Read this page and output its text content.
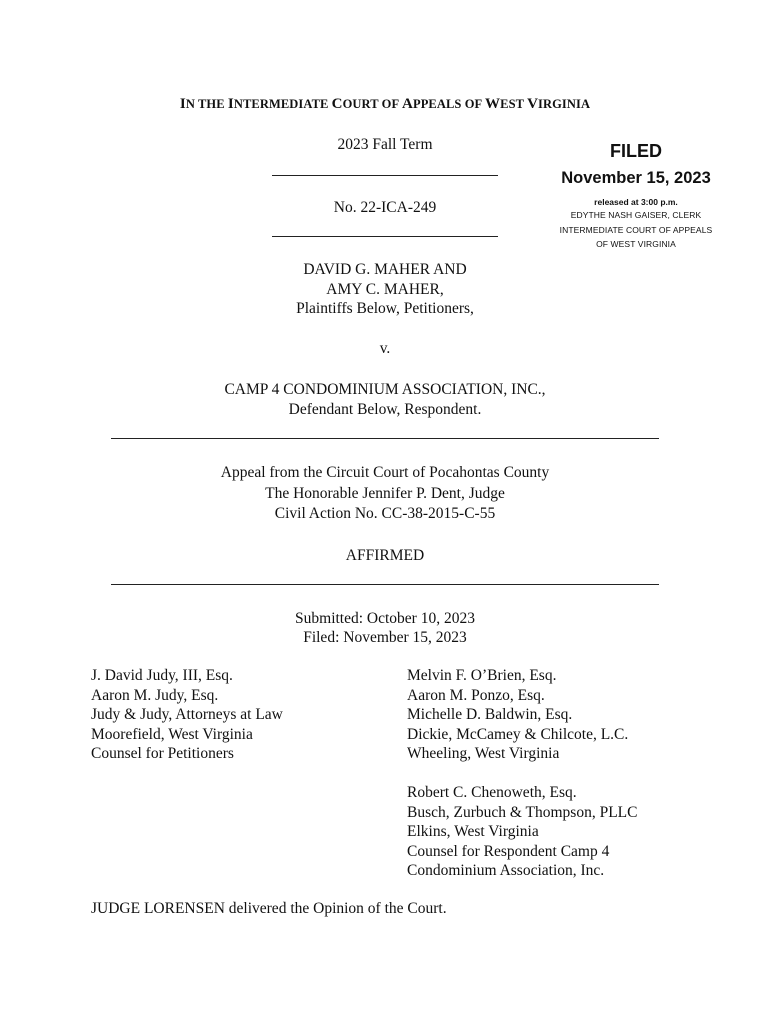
IN THE INTERMEDIATE COURT OF APPEALS OF WEST VIRGINIA
2023 Fall Term
No. 22-ICA-249
FILED
November 15, 2023
released at 3:00 p.m.
EDYTHE NASH GAISER, CLERK
INTERMEDIATE COURT OF APPEALS
OF WEST VIRGINIA
DAVID G. MAHER AND
AMY C. MAHER,
Plaintiffs Below, Petitioners,
v.
CAMP 4 CONDOMINIUM ASSOCIATION, INC.,
Defendant Below, Respondent.
Appeal from the Circuit Court of Pocahontas County
The Honorable Jennifer P. Dent, Judge
Civil Action No. CC-38-2015-C-55
AFFIRMED
Submitted: October 10, 2023
Filed: November 15, 2023
J. David Judy, III, Esq.
Aaron M. Judy, Esq.
Judy & Judy, Attorneys at Law
Moorefield, West Virginia
Counsel for Petitioners
Melvin F. O’Brien, Esq.
Aaron M. Ponzo, Esq.
Michelle D. Baldwin, Esq.
Dickie, McCamey & Chilcote, L.C.
Wheeling, West Virginia
Robert C. Chenoweth, Esq.
Busch, Zurbuch & Thompson, PLLC
Elkins, West Virginia
Counsel for Respondent Camp 4
Condominium Association, Inc.
JUDGE LORENSEN delivered the Opinion of the Court.
